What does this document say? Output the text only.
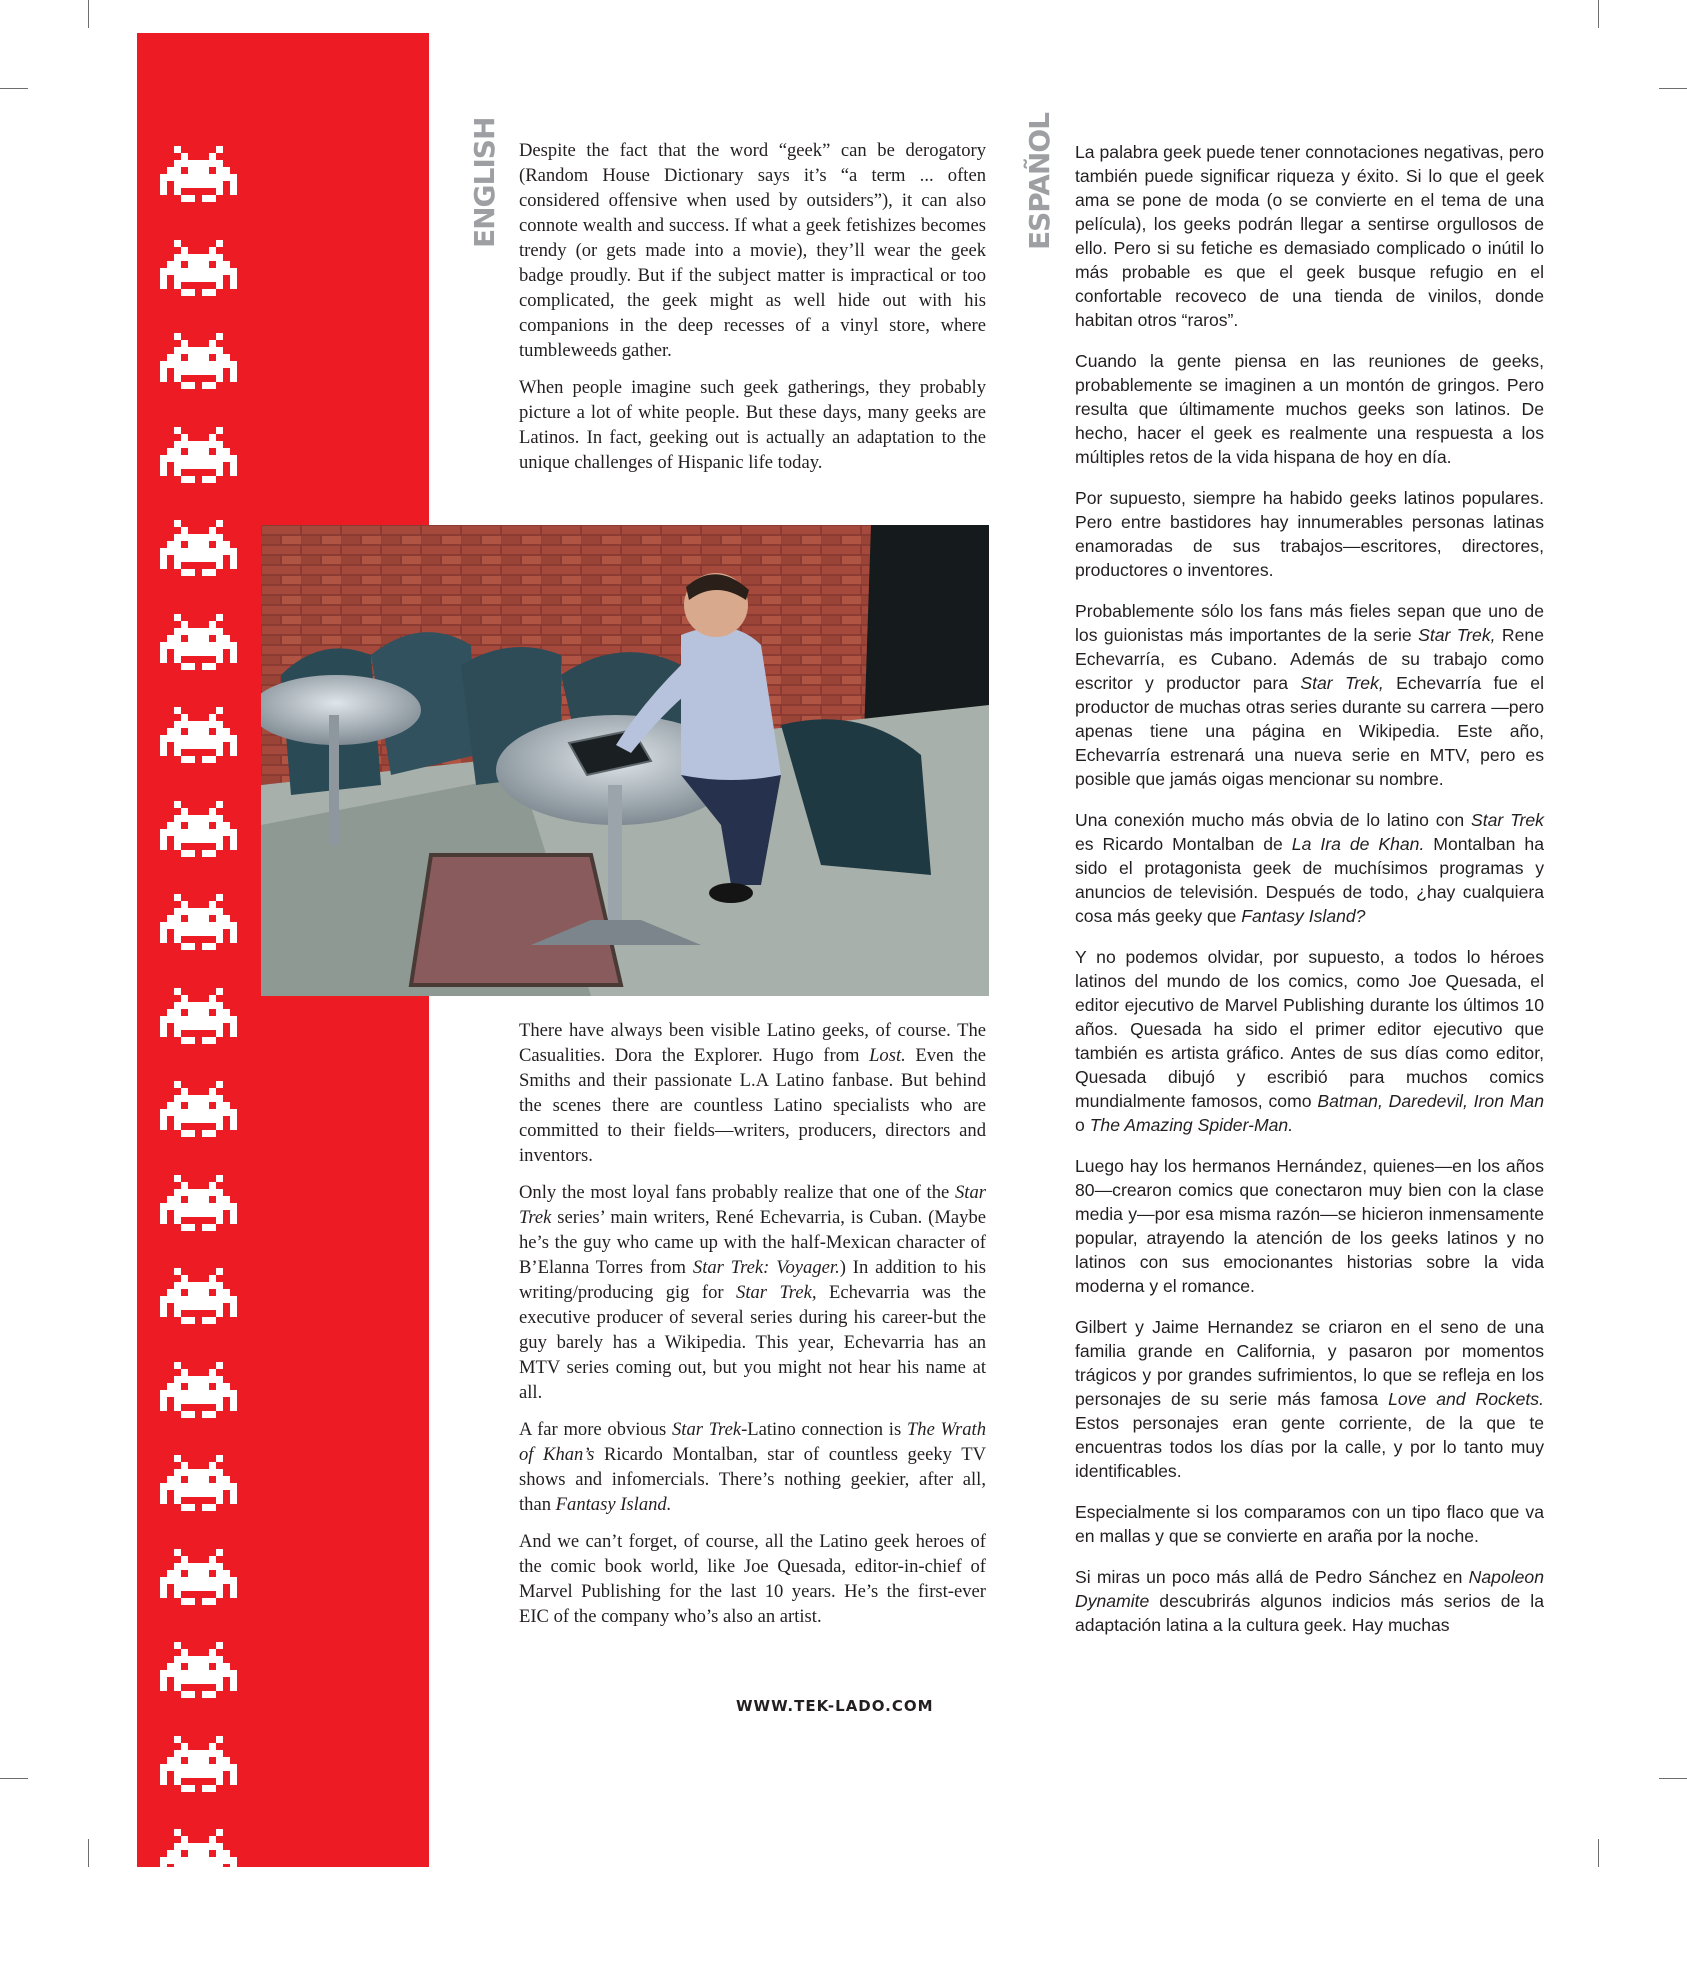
ENGLISH	ESPAÑOL

Despite the fact that the word “geek” can be derogatory (Random House Dictionary says it’s “a term ... often considered offensive when used by outsiders”), it can also connote wealth and success. If what a geek fetishizes becomes trendy (or gets made into a movie), they’ll wear the geek badge proudly. But if the subject matter is impractical or too complicated, the geek might as well hide out with his companions in the deep recesses of a vinyl store, where tumbleweeds gather.

When people imagine such geek gatherings, they probably picture a lot of white people. But these days, many geeks are Latinos. In fact, geeking out is actually an adaptation to the unique challenges of Hispanic life today.

There have always been visible Latino geeks, of course. The Casualities. Dora the Explorer. Hugo from Lost. Even the Smiths and their passionate L.A Latino fanbase. But behind the scenes there are countless Latino specialists who are committed to their fields—writers, producers, directors and inventors.

Only the most loyal fans probably realize that one of the Star Trek series’ main writers, René Echevarria, is Cuban. (Maybe he’s the guy who came up with the half-Mexican character of B’Elanna Torres from Star Trek: Voyager.) In addition to his writing/producing gig for Star Trek, Echevarria was the executive producer of several series during his career-but the guy barely has a Wikipedia. This year, Echevarria has an MTV series coming out, but you might not hear his name at all.

A far more obvious Star Trek-Latino connection is The Wrath of Khan’s Ricardo Montalban, star of countless geeky TV shows and infomercials. There’s nothing geekier, after all, than Fantasy Island.

And we can’t forget, of course, all the Latino geek heroes of the comic book world, like Joe Quesada, editor-in-chief of Marvel Publishing for the last 10 years. He’s the first-ever EIC of the company who’s also an artist.

La palabra geek puede tener connotaciones negativas, pero también puede significar riqueza y éxito. Si lo que el geek ama se pone de moda (o se convierte en el tema de una película), los geeks podrán llegar a sentirse orgullosos de ello. Pero si su fetiche es demasiado complicado o inútil lo más probable es que el geek busque refugio en el confortable recoveco de una tienda de vinilos, donde habitan otros “raros”.

Cuando la gente piensa en las reuniones de geeks, probablemente se imaginen a un montón de gringos. Pero resulta que últimamente muchos geeks son latinos. De hecho, hacer el geek es realmente una respuesta a los múltiples retos de la vida hispana de hoy en día.

Por supuesto, siempre ha habido geeks latinos populares. Pero entre bastidores hay innumerables personas latinas enamoradas de sus trabajos—escritores, directores, productores o inventores.

Probablemente sólo los fans más fieles sepan que uno de los guionistas más importantes de la serie Star Trek, Rene Echevarría, es Cubano. Además de su trabajo como escritor y productor para Star Trek, Echevarría fue el productor de muchas otras series durante su carrera —pero apenas tiene una página en Wikipedia. Este año, Echevarría estrenará una nueva serie en MTV, pero es posible que jamás oigas mencionar su nombre.

Una conexión mucho más obvia de lo latino con Star Trek es Ricardo Montalban de La Ira de Khan. Montalban ha sido el protagonista geek de muchísimos programas y anuncios de televisión. Después de todo, ¿hay cualquiera cosa más geeky que Fantasy Island?

Y no podemos olvidar, por supuesto, a todos lo héroes latinos del mundo de los comics, como Joe Quesada, el editor ejecutivo de Marvel Publishing durante los últimos 10 años. Quesada ha sido el primer editor ejecutivo que también es artista gráfico. Antes de sus días como editor, Quesada dibujó y escribió para muchos comics mundialmente famosos, como Batman, Daredevil, Iron Man o The Amazing Spider-Man.

Luego hay los hermanos Hernández, quienes—en los años 80—crearon comics que conectaron muy bien con la clase media y—por esa misma razón—se hicieron inmensamente popular, atrayendo la atención de los geeks latinos y no latinos con sus emocionantes historias sobre la vida moderna y el romance.

Gilbert y Jaime Hernandez se criaron en el seno de una familia grande en California, y pasaron por momentos trágicos y por grandes sufrimientos, lo que se refleja en los personajes de su serie más famosa Love and Rockets. Estos personajes eran gente corriente, de la que te encuentras todos los días por la calle, y por lo tanto muy identificables.

Especialmente si los comparamos con un tipo flaco que va en mallas y que se convierte en araña por la noche.

Si miras un poco más allá de Pedro Sánchez en Napoleon Dynamite descubrirás algunos indicios más serios de la adaptación latina a la cultura geek. Hay muchas

WWW.TEK-LADO.COM
